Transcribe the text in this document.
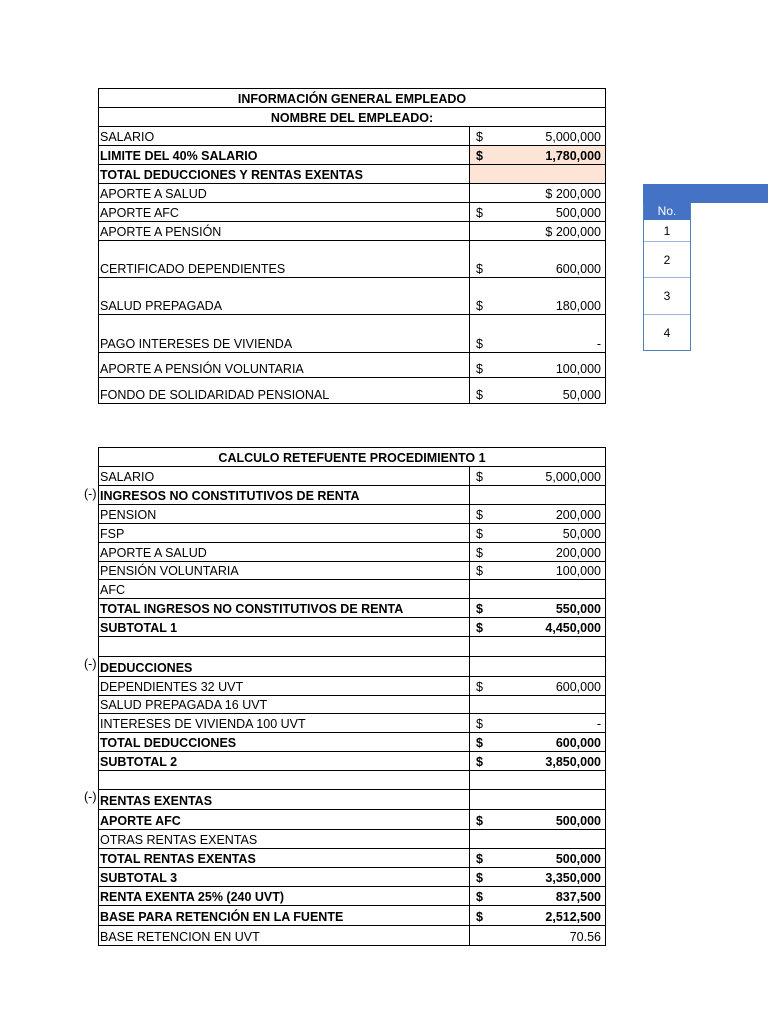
INFORMACIÓN GENERAL EMPLEADO
NOMBRE DEL EMPLEADO:
SALARIO	$	5,000,000
LIMITE DEL 40% SALARIO	$	1,780,000
TOTAL DEDUCCIONES Y RENTAS EXENTAS
APORTE A SALUD	$ 200,000
APORTE AFC	$	500,000
APORTE A PENSIÓN	$ 200,000
CERTIFICADO DEPENDIENTES	$	600,000
SALUD PREPAGADA	$	180,000
PAGO INTERESES DE VIVIENDA	$	-
APORTE A PENSIÓN VOLUNTARIA	$	100,000
FONDO DE SOLIDARIDAD PENSIONAL	$	50,000
No.
1
2
3
4
CALCULO RETEFUENTE PROCEDIMIENTO 1
SALARIO	$	5,000,000
INGRESOS NO CONSTITUTIVOS DE RENTA
PENSION	$	200,000
FSP	$	50,000
APORTE A SALUD	$	200,000
PENSIÓN VOLUNTARIA	$	100,000
AFC
TOTAL INGRESOS NO CONSTITUTIVOS DE RENTA	$	550,000
SUBTOTAL 1	$	4,450,000
DEDUCCIONES
DEPENDIENTES 32 UVT	$	600,000
SALUD PREPAGADA 16 UVT
INTERESES DE VIVIENDA 100 UVT	$	-
TOTAL DEDUCCIONES	$	600,000
SUBTOTAL 2	$	3,850,000
RENTAS EXENTAS
APORTE AFC	$	500,000
OTRAS RENTAS EXENTAS
TOTAL RENTAS EXENTAS	$	500,000
SUBTOTAL 3	$	3,350,000
RENTA EXENTA 25% (240 UVT)	$	837,500
BASE PARA RETENCIÓN EN LA FUENTE	$	2,512,500
BASE RETENCION EN UVT	70.56
(-)
(-)
(-)
